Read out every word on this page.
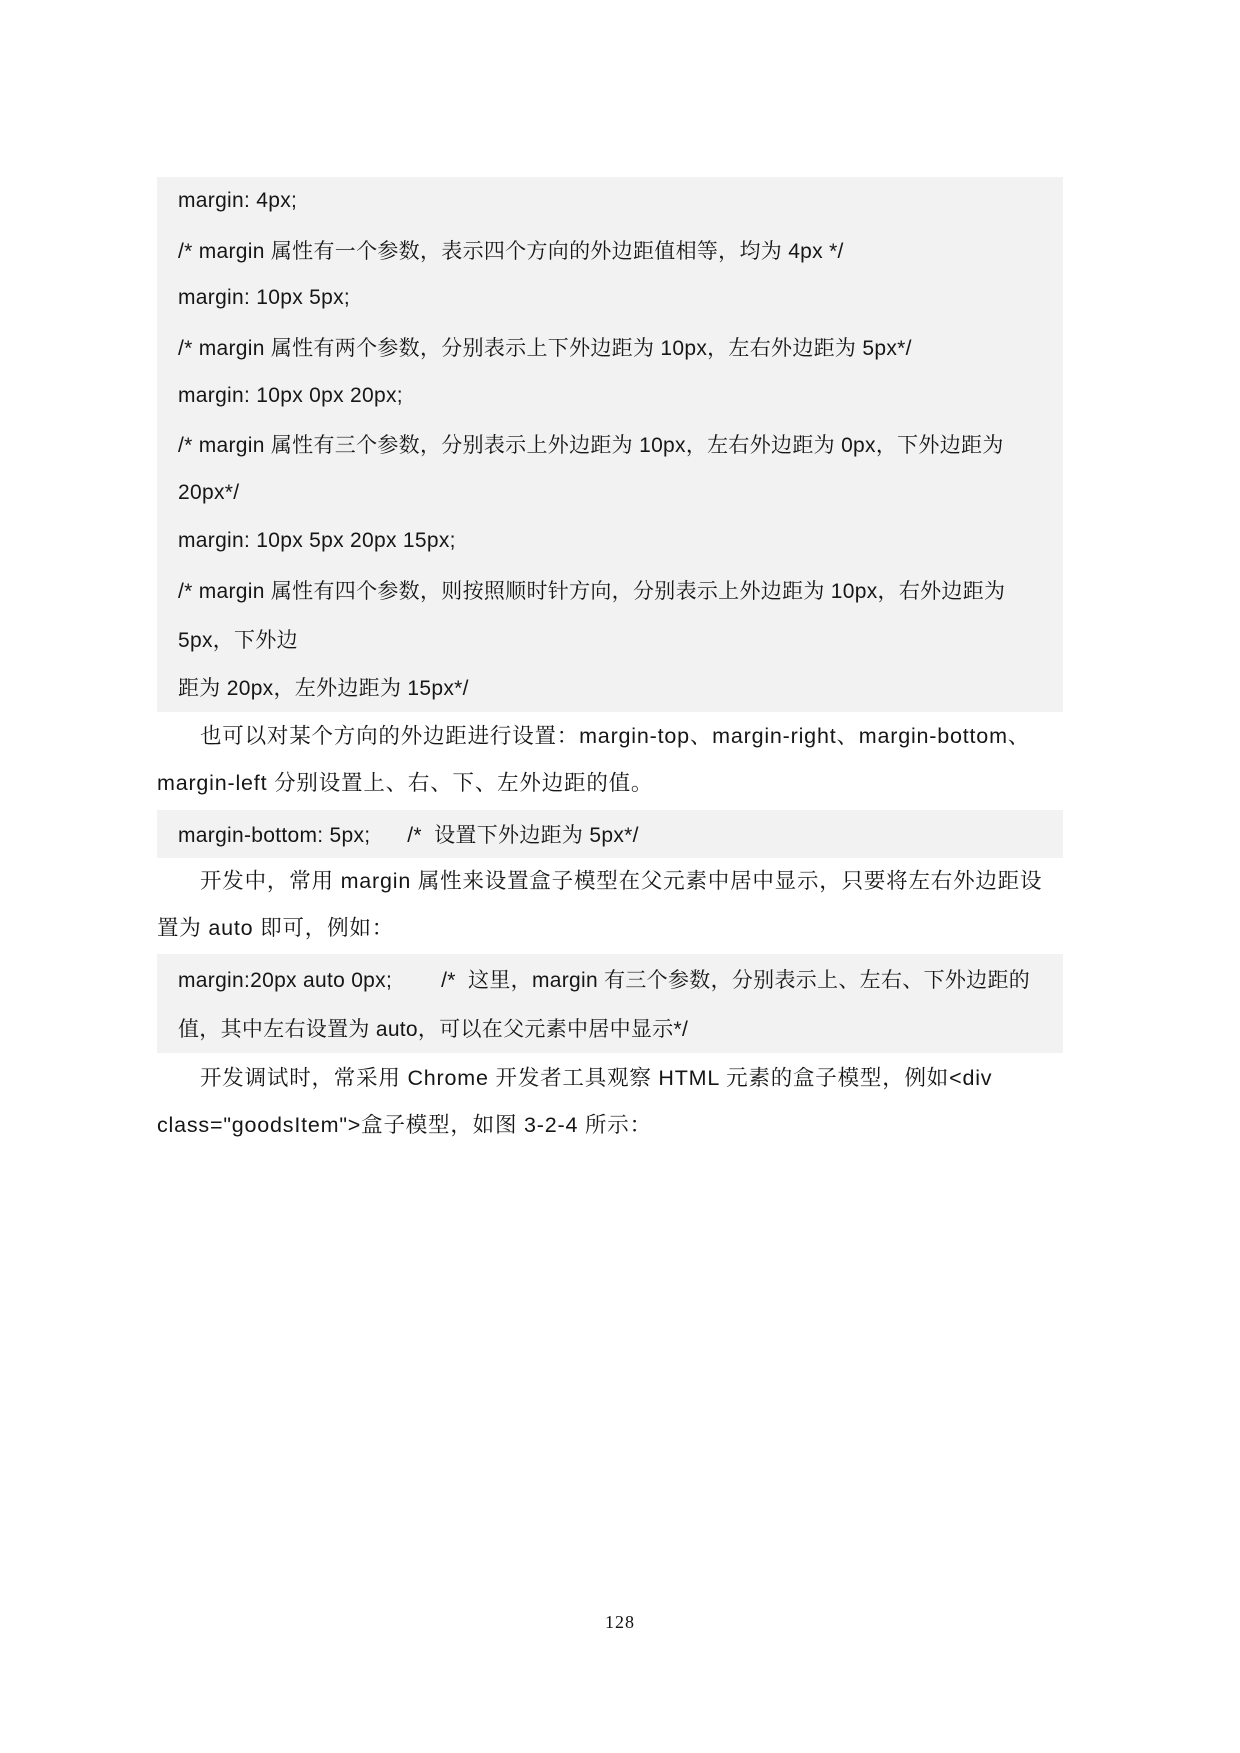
margin: 4px;
/* margin 属性有一个参数，表示四个方向的外边距值相等，均为 4px */
margin: 10px 5px;
/* margin 属性有两个参数，分别表示上下外边距为 10px，左右外边距为 5px*/
margin: 10px 0px 20px;
/* margin 属性有三个参数，分别表示上外边距为 10px，左右外边距为 0px，下外边距为
20px*/
margin: 10px 5px 20px 15px;
/* margin 属性有四个参数，则按照顺时针方向，分别表示上外边距为 10px，右外边距为
5px，下外边
距为 20px，左外边距为 15px*/

也可以对某个方向的外边距进行设置：margin-top、margin-right、margin-bottom、margin-left 分别设置上、右、下、左外边距的值。

margin-bottom: 5px;      /*  设置下外边距为 5px*/

开发中，常用 margin 属性来设置盒子模型在父元素中居中显示，只要将左右外边距设置为 auto 即可，例如：

margin:20px auto 0px;        /*  这里，margin 有三个参数，分别表示上、左右、下外边距的
值，其中左右设置为 auto，可以在父元素中居中显示*/

开发调试时，常采用 Chrome 开发者工具观察 HTML 元素的盒子模型，例如<div class="goodsItem">盒子模型，如图 3-2-4 所示：

128
